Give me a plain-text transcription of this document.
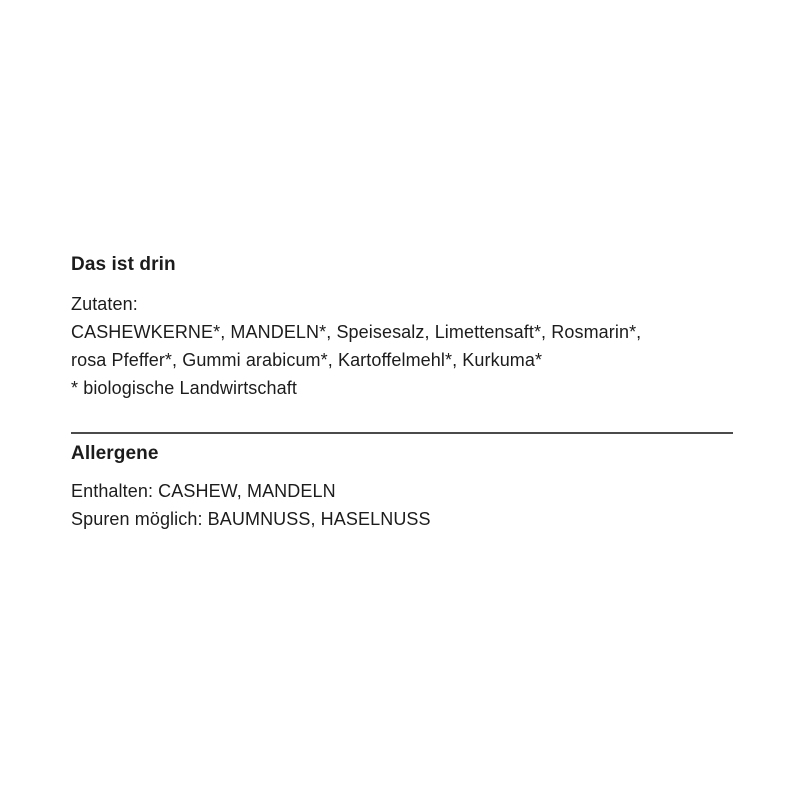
Das ist drin

Zutaten:
CASHEWKERNE*, MANDELN*, Speisesalz, Limettensaft*, Rosmarin*,
rosa Pfeffer*, Gummi arabicum*, Kartoffelmehl*, Kurkuma*
* biologische Landwirtschaft

Allergene

Enthalten: CASHEW, MANDELN
Spuren möglich: BAUMNUSS, HASELNUSS
